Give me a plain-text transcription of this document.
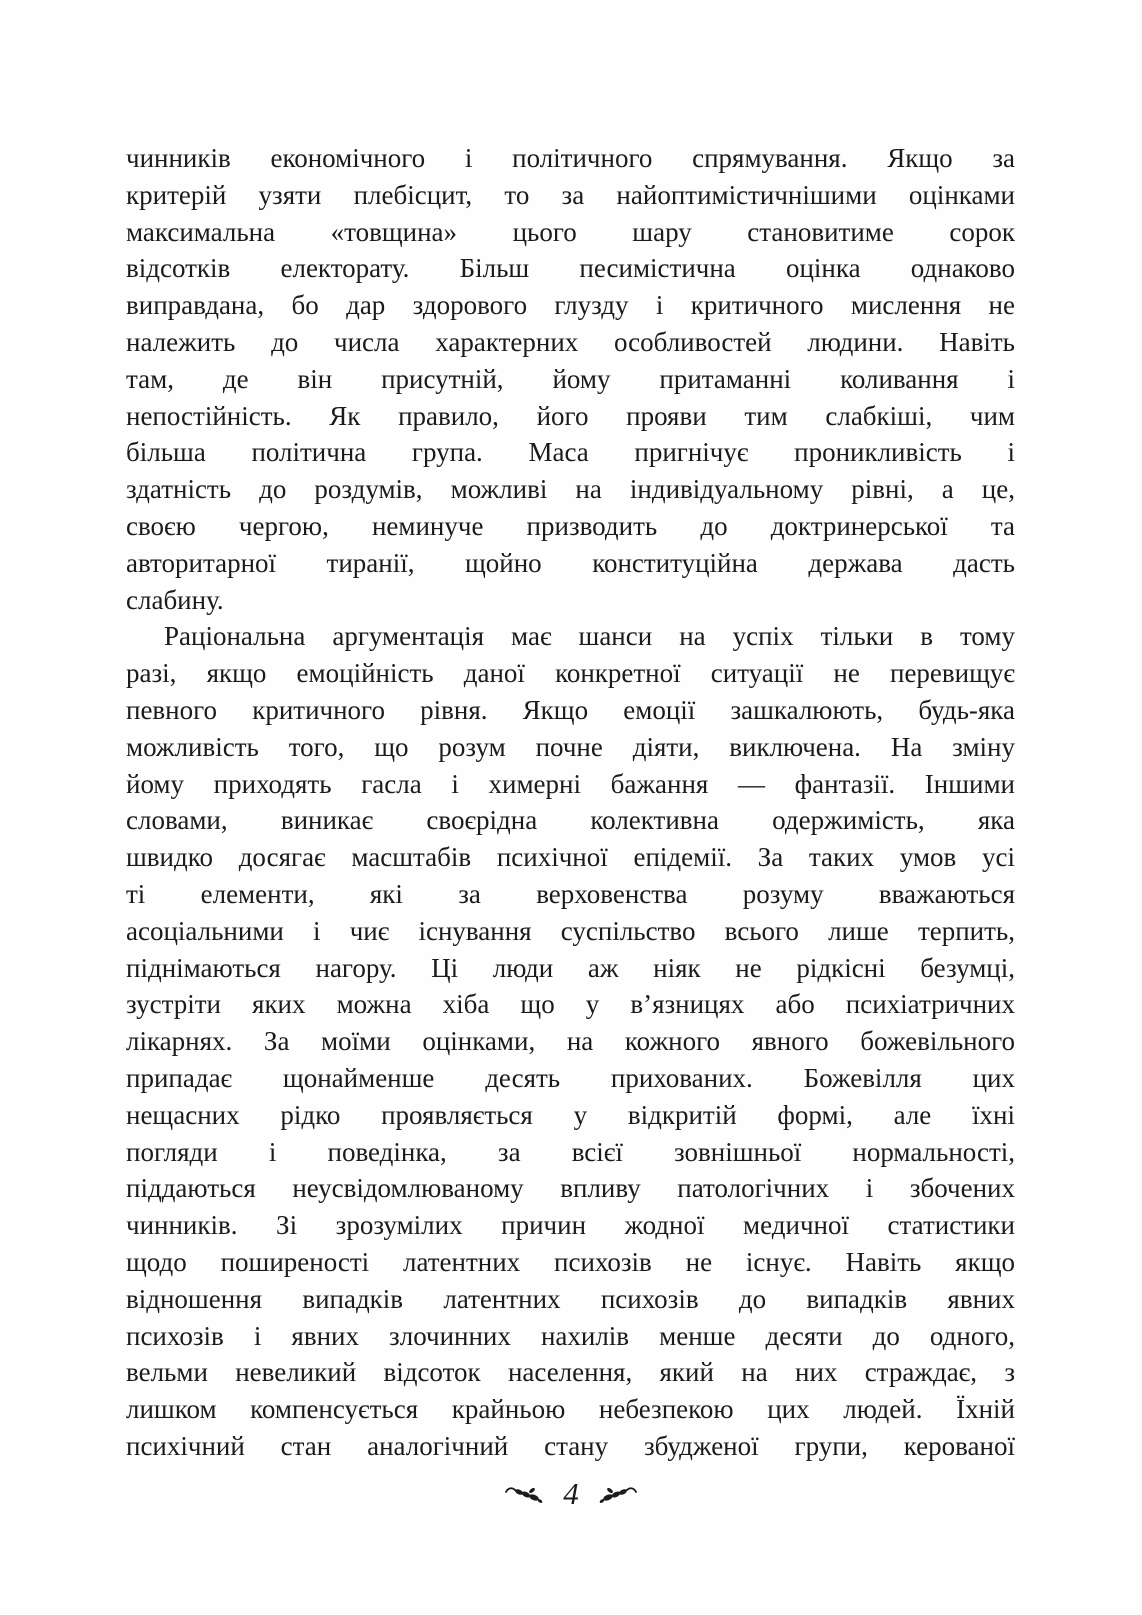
чинників економічного і політичного спрямування. Якщо за
критерій узяти плебісцит, то за найоптимістичнішими оцінками
максимальна «товщина» цього шару становитиме сорок
відсотків електорату. Більш песимістична оцінка однаково
виправдана, бо дар здорового глузду і критичного мислення не
належить до числа характерних особливостей людини. Навіть
там, де він присутній, йому притаманні коливання і
непостійність. Як правило, його прояви тим слабкіші, чим
більша політична група. Маса пригнічує проникливість і
здатність до роздумів, можливі на індивідуальному рівні, а це,
своєю чергою, неминуче призводить до доктринерської та
авторитарної тиранії, щойно конституційна держава дасть
слабину.
Раціональна аргументація має шанси на успіх тільки в тому
разі, якщо емоційність даної конкретної ситуації не перевищує
певного критичного рівня. Якщо емоції зашкалюють, будь-яка
можливість того, що розум почне діяти, виключена. На зміну
йому приходять гасла і химерні бажання — фантазії. Іншими
словами, виникає своєрідна колективна одержимість, яка
швидко досягає масштабів психічної епідемії. За таких умов усі
ті елементи, які за верховенства розуму вважаються
асоціальними і чиє існування суспільство всього лише терпить,
піднімаються нагору. Ці люди аж ніяк не рідкісні безумці,
зустріти яких можна хіба що у в’язницях або психіатричних
лікарнях. За моїми оцінками, на кожного явного божевільного
припадає щонайменше десять прихованих. Божевілля цих
нещасних рідко проявляється у відкритій формі, але їхні
погляди і поведінка, за всієї зовнішньої нормальності,
піддаються неусвідомлюваному впливу патологічних і збочених
чинників. Зі зрозумілих причин жодної медичної статистики
щодо поширеності латентних психозів не існує. Навіть якщо
відношення випадків латентних психозів до випадків явних
психозів і явних злочинних нахилів менше десяти до одного,
вельми невеликий відсоток населення, який на них страждає, з
лишком компенсується крайньою небезпекою цих людей. Їхній
психічний стан аналогічний стану збудженої групи, керованої
4
